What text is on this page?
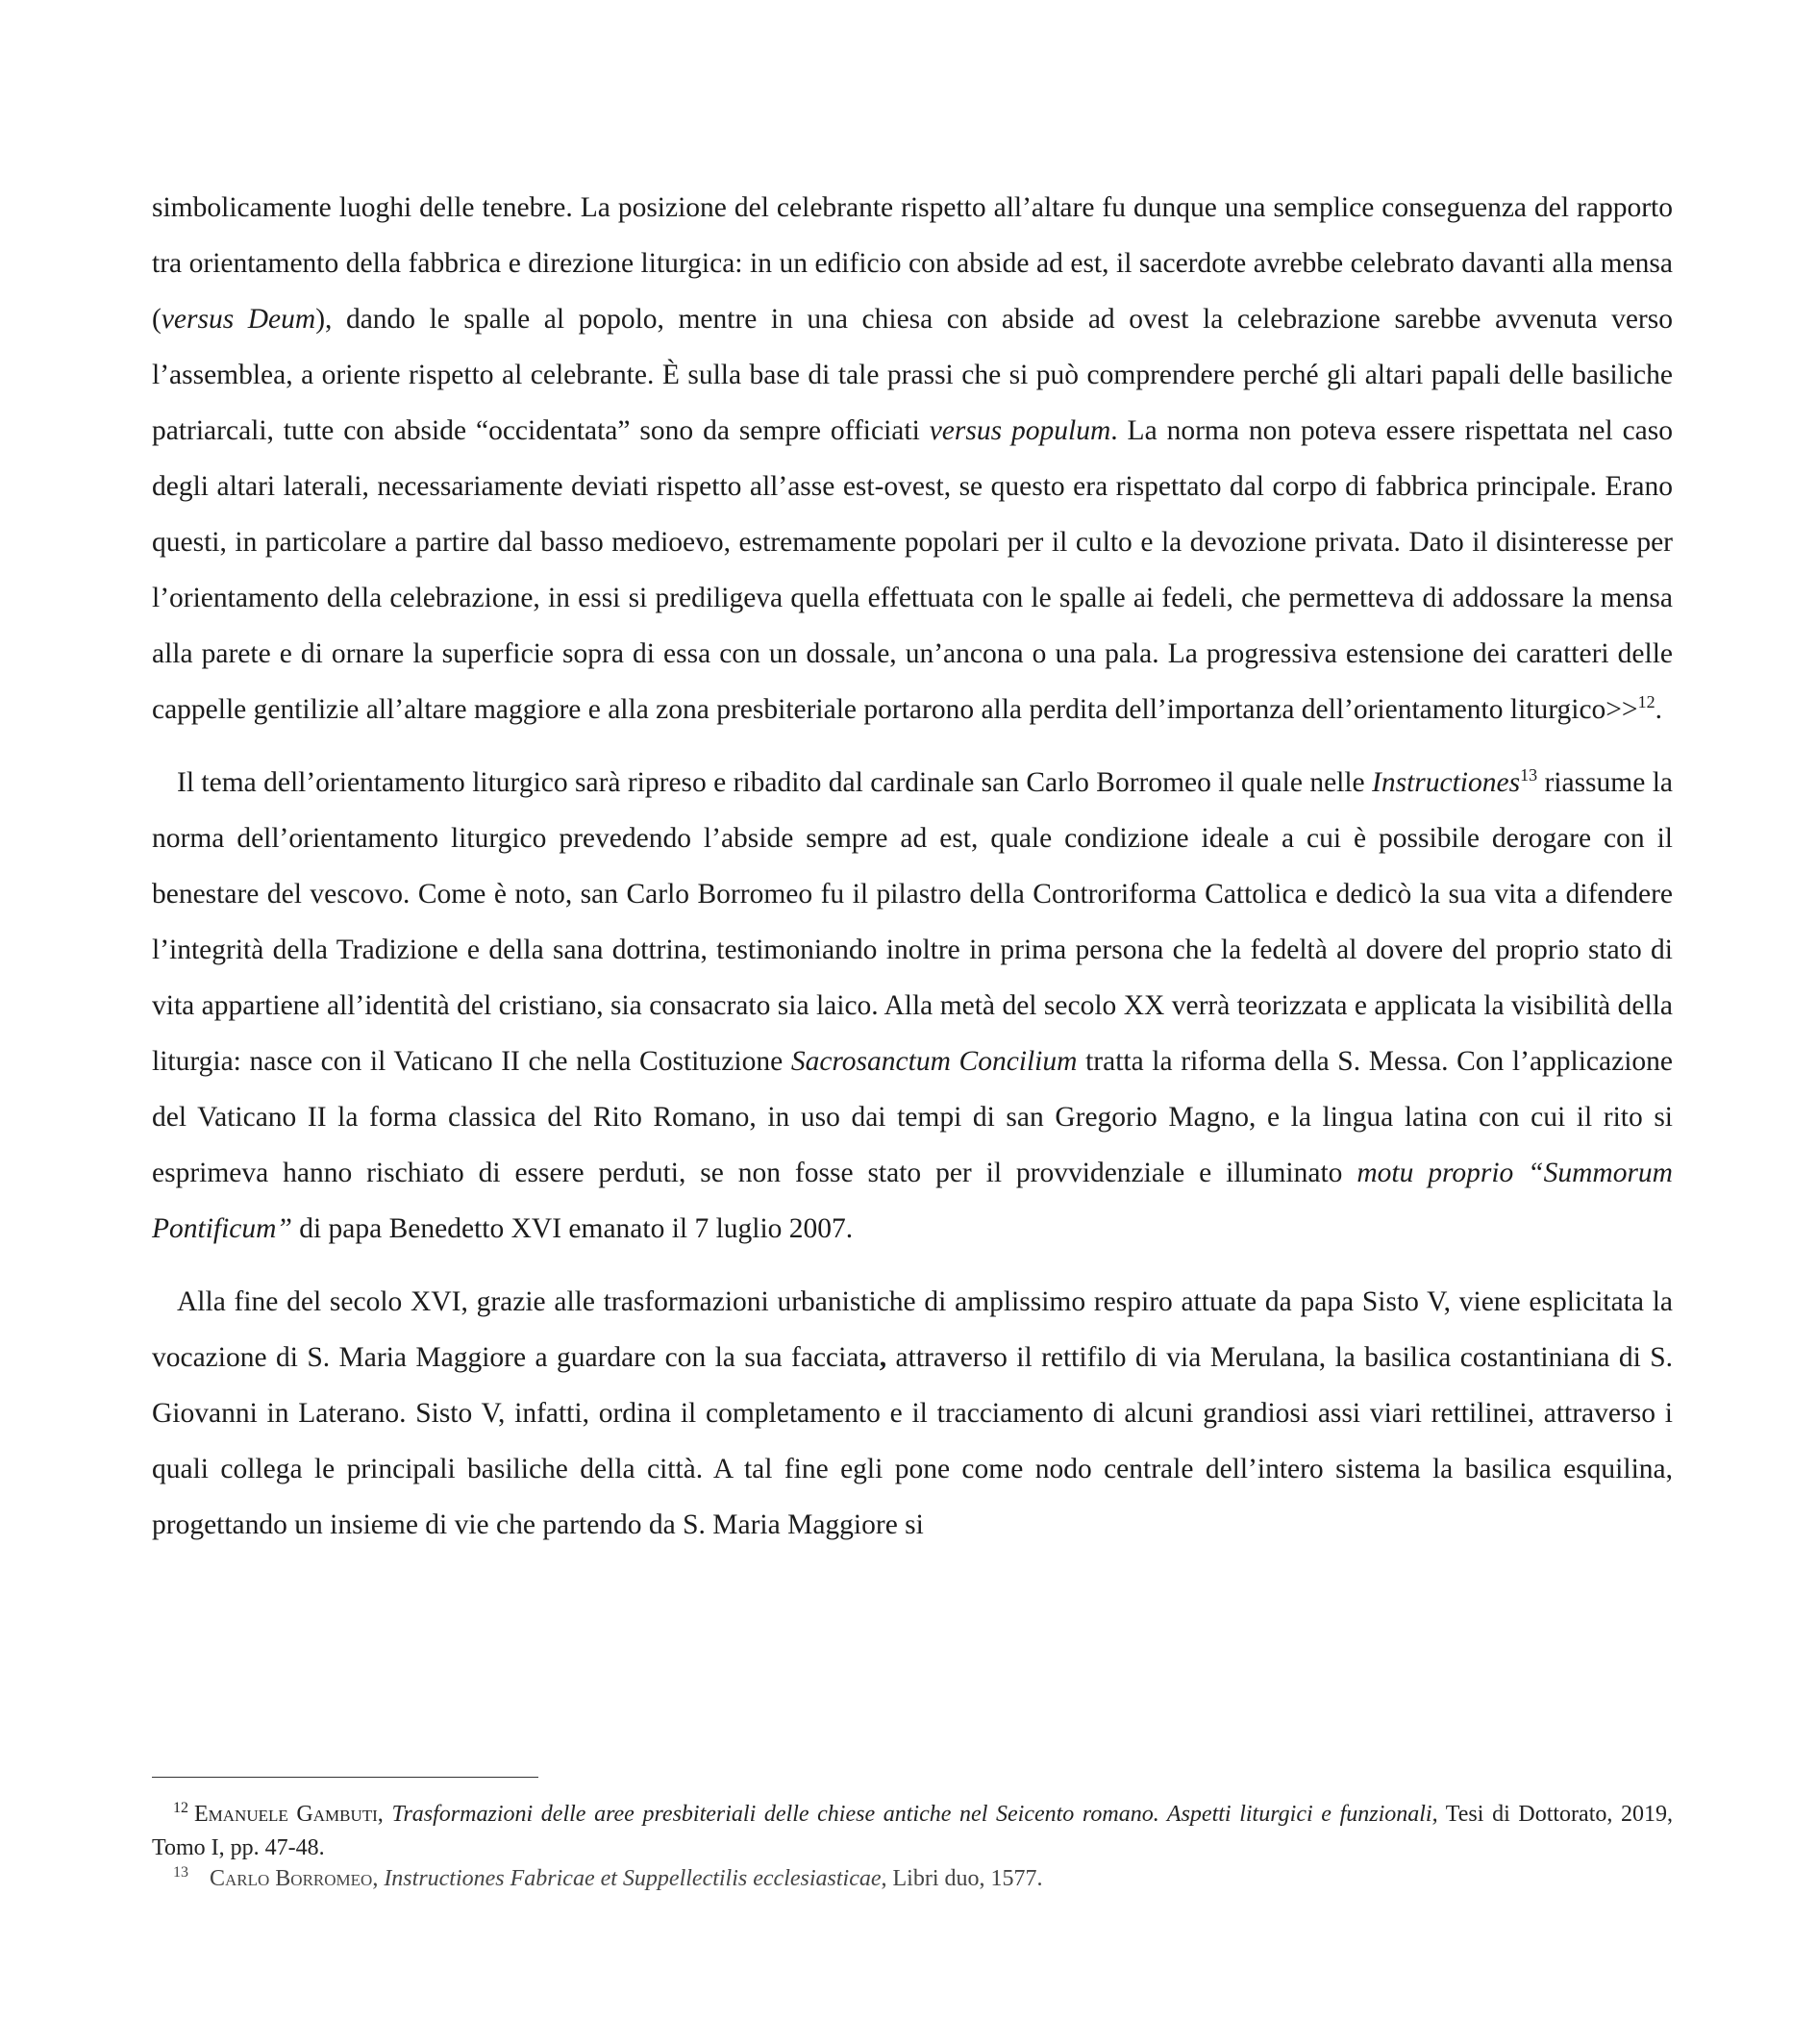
simbolicamente luoghi delle tenebre. La posizione del celebrante rispetto all’altare fu dunque una semplice conseguenza del rapporto tra orientamento della fabbrica e direzione liturgica: in un edificio con abside ad est, il sacerdote avrebbe celebrato davanti alla mensa (versus Deum), dando le spalle al popolo, mentre in una chiesa con abside ad ovest la celebrazione sarebbe avvenuta verso l’assemblea, a oriente rispetto al celebrante. È sulla base di tale prassi che si può comprendere perché gli altari papali delle basiliche patriarcali, tutte con abside “occidentata” sono da sempre officiati versus populum. La norma non poteva essere rispettata nel caso degli altari laterali, necessariamente deviati rispetto all’asse est-ovest, se questo era rispettato dal corpo di fabbrica principale. Erano questi, in particolare a partire dal basso medioevo, estremamente popolari per il culto e la devozione privata. Dato il disinteresse per l’orientamento della celebrazione, in essi si prediligeva quella effettuata con le spalle ai fedeli, che permetteva di addossare la mensa alla parete e di ornare la superficie sopra di essa con un dossale, un’ancona o una pala. La progressiva estensione dei caratteri delle cappelle gentilizie all’altare maggiore e alla zona presbiteriale portarono alla perdita dell’importanza dell’orientamento liturgico>>$^{12}$.

Il tema dell’orientamento liturgico sarà ripreso e ribadito dal cardinale san Carlo Borromeo il quale nelle Instructiones$^{13}$ riassume la norma dell’orientamento liturgico prevedendo l’abside sempre ad est, quale condizione ideale a cui è possibile derogare con il benestare del vescovo. Come è noto, san Carlo Borromeo fu il pilastro della Controriforma Cattolica e dedicò la sua vita a difendere l’integrità della Tradizione e della sana dottrina, testimoniando inoltre in prima persona che la fedeltà al dovere del proprio stato di vita appartiene all’identità del cristiano, sia consacrato sia laico. Alla metà del secolo XX verrà teorizzata e applicata la visibilità della liturgia: nasce con il Vaticano II che nella Costituzione Sacrosanctum Concilium tratta la riforma della S. Messa. Con l’applicazione del Vaticano II la forma classica del Rito Romano, in uso dai tempi di san Gregorio Magno, e la lingua latina con cui il rito si esprimeva hanno rischiato di essere perduti, se non fosse stato per il provvidenziale e illuminato motu proprio “Summorum Pontificum” di papa Benedetto XVI emanato il 7 luglio 2007.

Alla fine del secolo XVI, grazie alle trasformazioni urbanistiche di amplissimo respiro attuate da papa Sisto V, viene esplicitata la vocazione di S. Maria Maggiore a guardare con la sua facciata, attraverso il rettifilo di via Merulana, la basilica costantiniana di S. Giovanni in Laterano. Sisto V, infatti, ordina il completamento e il tracciamento di alcuni grandiosi assi viari rettilinei, attraverso i quali collega le principali basiliche della città. A tal fine egli pone come nodo centrale dell’intero sistema la basilica esquilina, progettando un insieme di vie che partendo da S. Maria Maggiore si

$^{12}$ Emanuele Gambuti, Trasformazioni delle aree presbiteriali delle chiese antiche nel Seicento romano. Aspetti liturgici e funzionali, Tesi di Dottorato, 2019, Tomo I, pp. 47-48.

$^{13}$ Carlo Borromeo, Instructiones Fabricae et Suppellectilis ecclesiasticae, Libri duo, 1577.
